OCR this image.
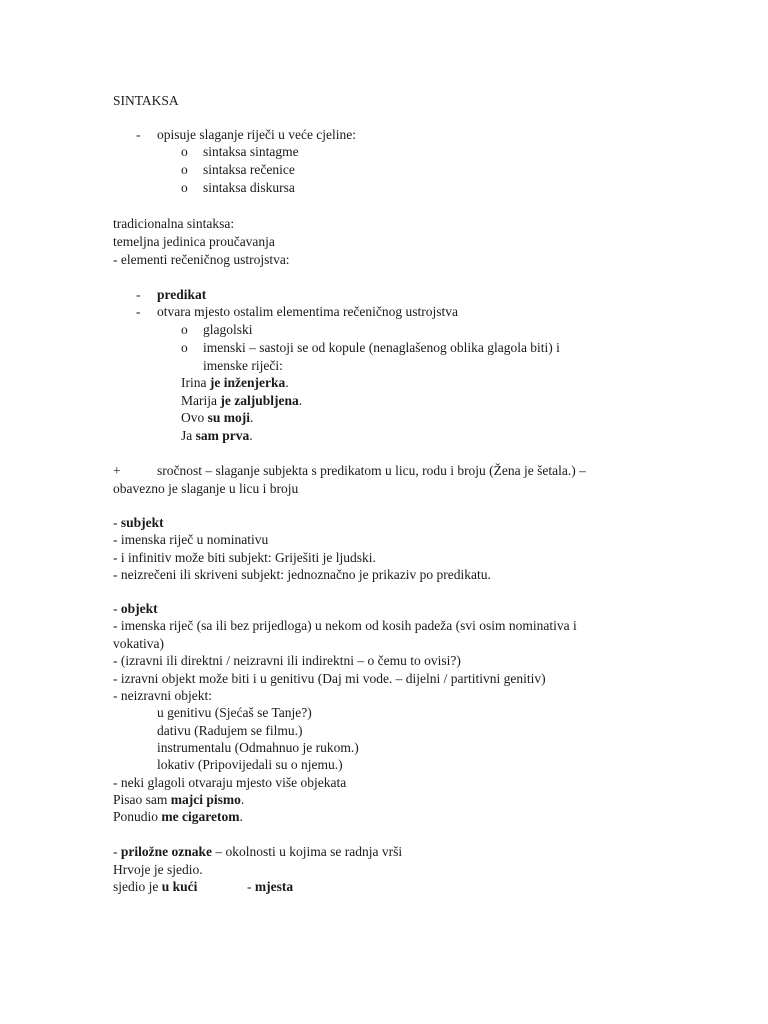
SINTAKSA
- opisuje slaganje riječi u veće cjeline:
o sintaksa sintagme
o sintaksa rečenice
o sintaksa diskursa
tradicionalna sintaksa:
temeljna jedinica proučavanja
- elementi rečeničnog ustrojstva:
- predikat
- otvara mjesto ostalim elementima rečeničnog ustrojstva
o glagolski
o imenski – sastoji se od kopule (nenaglašenog oblika glagola biti) i
imenske riječi:
Irina je inženjerka.
Marija je zaljubljena.
Ovo su moji.
Ja sam prva.
+	sročnost – slaganje subjekta s predikatom u licu, rodu i broju (Žena je šetala.) –
obavezno je slaganje u licu i broju
- subjekt
- imenska riječ u nominativu
- i infinitiv može biti subjekt: Griješiti je ljudski.
- neizrečeni ili skriveni subjekt: jednoznačno je prikaziv po predikatu.
- objekt
- imenska riječ (sa ili bez prijedloga) u nekom od kosih padeža (svi osim nominativa i
vokativa)
- (izravni ili direktni / neizravni ili indirektni – o čemu to ovisi?)
- izravni objekt može biti i u genitivu (Daj mi vode. – dijelni / partitivni genitiv)
- neizravni objekt:
u genitivu (Sjećaš se Tanje?)
dativu (Radujem se filmu.)
instrumentalu (Odmahnuo je rukom.)
lokativ (Pripovijedali su o njemu.)
- neki glagoli otvaraju mjesto više objekata
Pisao sam majci pismo.
Ponudio me cigaretom.
- priložne oznake – okolnosti u kojima se radnja vrši
Hrvoje je sjedio.
sjedio je u kući	- mjesta
